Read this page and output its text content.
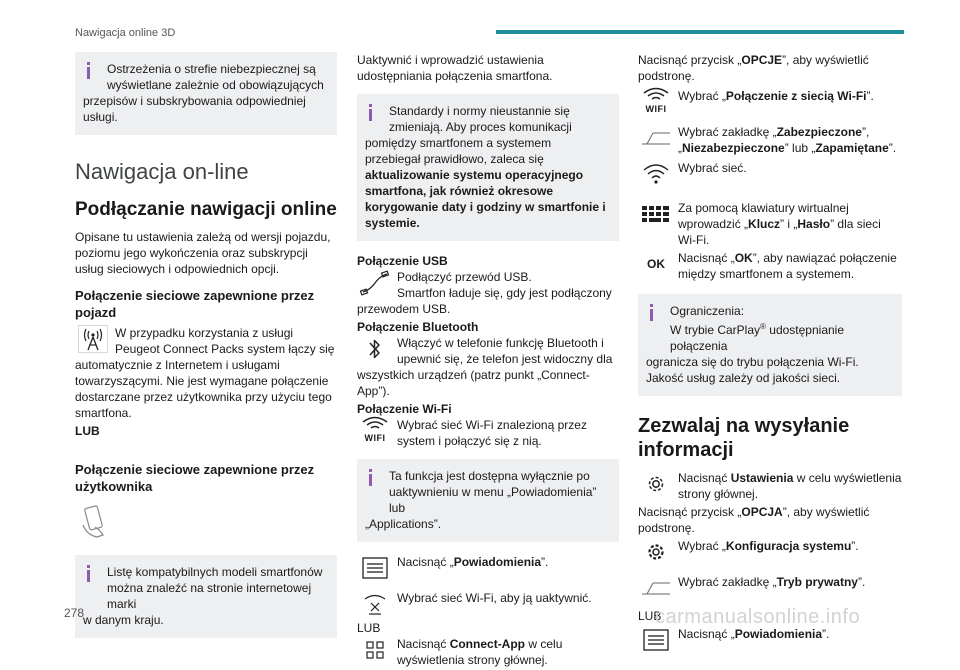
Nawigacja online 3D
Ostrzeżenia o strefie niebezpiecznej są wyświetlane zależnie od obowiązujących
przepisów i subskrybowania odpowiedniej usługi.
Nawigacja on-line
Podłączanie nawigacji online
Opisane tu ustawienia zależą od wersji pojazdu, poziomu jego wykończenia oraz subskrypcji usług sieciowych i odpowiednich opcji.
Połączenie sieciowe zapewnione przez pojazd
W przypadku korzystania z usługi Peugeot Connect Packs system łączy się
automatycznie z Internetem i usługami towarzyszącymi. Nie jest wymagane połączenie dostarczane przez użytkownika przy użyciu tego smartfona.
LUB
Połączenie sieciowe zapewnione przez użytkownika
Listę kompatybilnych modeli smartfonów można znaleźć na stronie internetowej marki
w danym kraju.
Uaktywnić i wprowadzić ustawienia udostępniania połączenia smartfona.
Standardy i normy nieustannie się zmieniają. Aby proces komunikacji
pomiędzy smartfonem a systemem przebiegał prawidłowo, zaleca się aktualizowanie systemu operacyjnego smartfona, jak również okresowe korygowanie daty i godziny w smartfonie i systemie.
Połączenie USB
Podłączyć przewód USB.
Smartfon ładuje się, gdy jest podłączony
przewodem USB.
Połączenie Bluetooth
Włączyć w telefonie funkcję Bluetooth i upewnić się, że telefon jest widoczny dla
wszystkich urządzeń (patrz punkt „Connect-App”).
Połączenie Wi-Fi
WIFI
Wybrać sieć Wi-Fi znalezioną przez system i połączyć się z nią.
Ta funkcja jest dostępna wyłącznie po uaktywnieniu w menu „Powiadomienia” lub
„Applications”.
Nacisnąć „Powiadomienia”.
Wybrać sieć Wi-Fi, aby ją uaktywnić.
LUB
Nacisnąć Connect-App w celu wyświetlenia strony głównej.
Nacisnąć przycisk „OPCJE”, aby wyświetlić podstronę.
WIFI
Wybrać „Połączenie z siecią Wi-Fi”.
Wybrać zakładkę „Zabezpieczone”, „Niezabezpieczone” lub „Zapamiętane”.
Wybrać sieć.
Za pomocą klawiatury wirtualnej wprowadzić „Klucz” i „Hasło” dla sieci Wi-Fi.
OK Nacisnąć „OK”, aby nawiązać połączenie między smartfonem a systemem.
Ograniczenia:
W trybie CarPlay® udostępnianie połączenia
ogranicza się do trybu połączenia Wi-Fi.
Jakość usług zależy od jakości sieci.
Zezwalaj na wysyłanie informacji
Nacisnąć Ustawienia w celu wyświetlenia strony głównej.
Nacisnąć przycisk „OPCJA”, aby wyświetlić podstronę.
Wybrać „Konfiguracja systemu”.
Wybrać zakładkę „Tryb prywatny”.
LUB
Nacisnąć „Powiadomienia”.
278	carmanualsonline.info
